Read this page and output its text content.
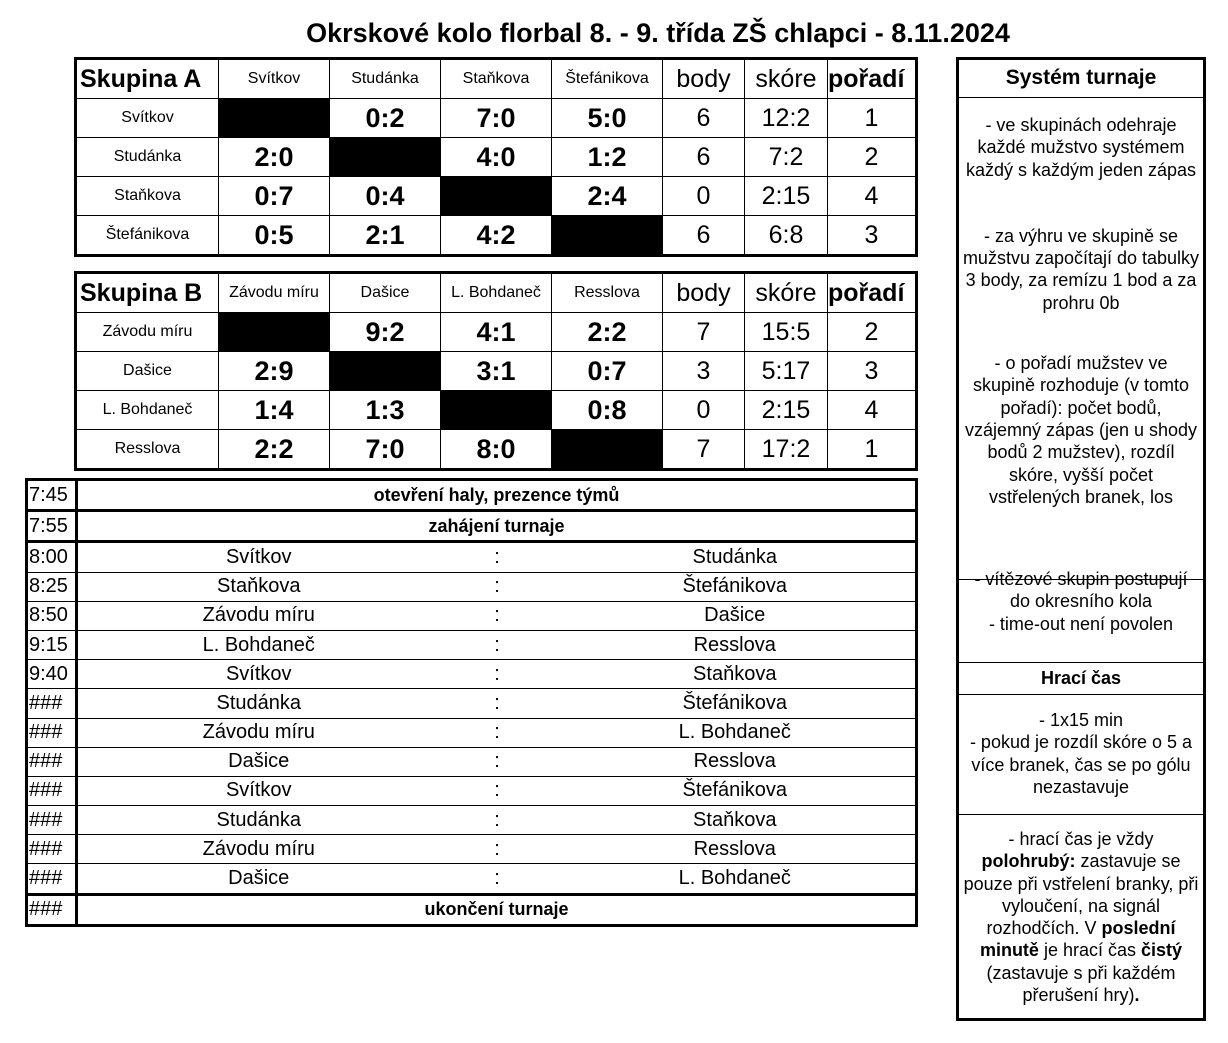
Okrskové kolo florbal 8. - 9. třída ZŠ chlapci - 8.11.2024
Skupina A	Svítkov	Studánka	Staňkova	Štefánikova	body	skóre	pořadí
Svítkov		0:2	7:0	5:0	6	12:2	1
Studánka	2:0		4:0	1:2	6	7:2	2
Staňkova	0:7	0:4		2:4	0	2:15	4
Štefánikova	0:5	2:1	4:2		6	6:8	3
Skupina B	Závodu míru	Dašice	L. Bohdaneč	Resslova	body	skóre	pořadí
Závodu míru		9:2	4:1	2:2	7	15:5	2
Dašice	2:9		3:1	0:7	3	5:17	3
L. Bohdaneč	1:4	1:3		0:8	0	2:15	4
Resslova	2:2	7:0	8:0		7	17:2	1
7:45	otevření haly, prezence týmů		
7:55	zahájení turnaje		
8:00	Svítkov	:	Studánka
8:25	Staňkova	:	Štefánikova
8:50	Závodu míru	:	Dašice
9:15	L. Bohdaneč	:	Resslova
9:40	Svítkov	:	Staňkova
###	Studánka	:	Štefánikova
###	Závodu míru	:	L. Bohdaneč
###	Dašice	:	Resslova
###	Svítkov	:	Štefánikova
###	Studánka	:	Staňkova
###	Závodu míru	:	Resslova
###	Dašice	:	L. Bohdaneč
###	ukončení turnaje		
Systém turnaje

- ve skupinách odehraje každé mužstvo systémem každý s každým jeden zápas

- za výhru ve skupině se mužstvu započítají do tabulky 3 body, za remízu 1 bod a za prohru 0b

- o pořadí mužstev ve skupině rozhoduje (v tomto pořadí): počet bodů, vzájemný zápas (jen u shody bodů 2 mužstev), rozdíl skóre, vyšší počet vstřelených branek, los

- vítězové skupin postupují do okresního kola

- time-out není povolen

Hrací čas

- 1x15 min

- pokud je rozdíl skóre o 5 a více branek, čas se po gólu nezastavuje

- hrací čas je vždy polohrubý: zastavuje se pouze při vstřelení branky, při vyloučení, na signál rozhodčích. V poslední minutě je hrací čas čistý (zastavuje s při každém přerušení hry).
